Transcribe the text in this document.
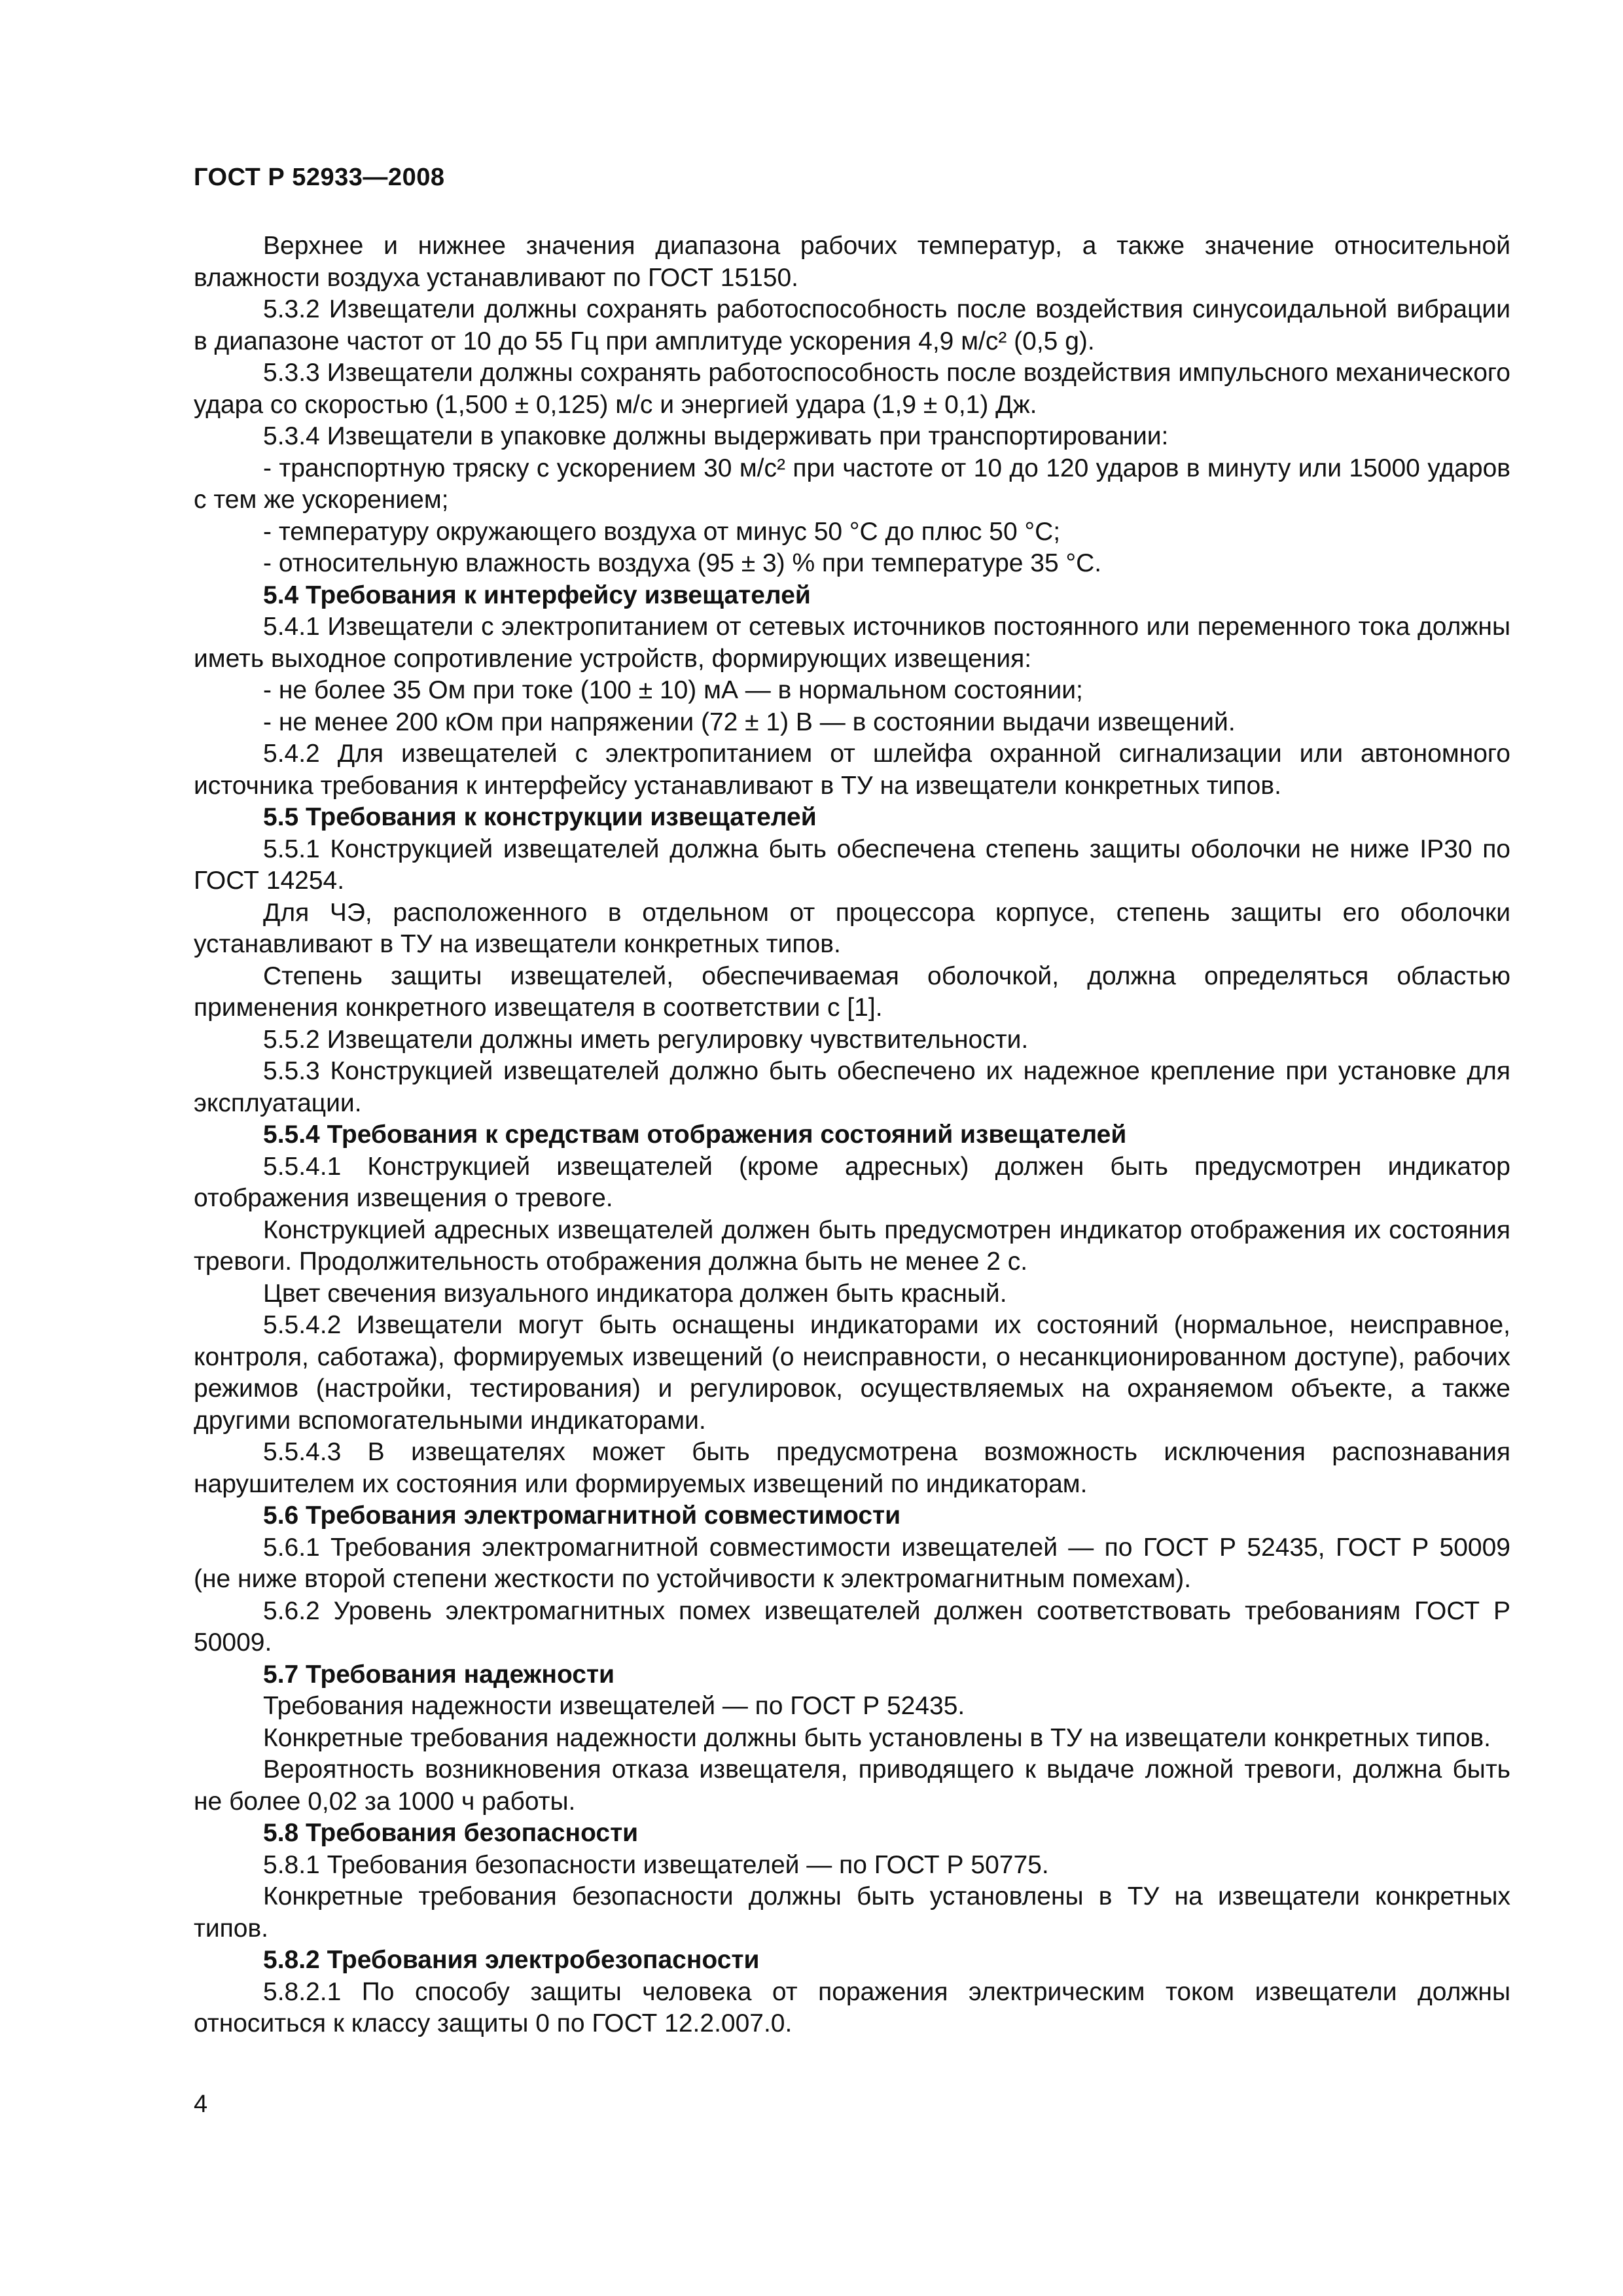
ГОСТ Р 52933—2008

Верхнее и нижнее значения диапазона рабочих температур, а также значение относительной влажности воздуха устанавливают по ГОСТ 15150.

5.3.2 Извещатели должны сохранять работоспособность после воздействия синусоидальной вибрации в диапазоне частот от 10 до 55 Гц при амплитуде ускорения 4,9 м/с² (0,5 g).

5.3.3 Извещатели должны сохранять работоспособность после воздействия импульсного механического удара со скоростью (1,500 ± 0,125) м/с и энергией удара (1,9 ± 0,1) Дж.

5.3.4 Извещатели в упаковке должны выдерживать при транспортировании:

- транспортную тряску с ускорением 30 м/с² при частоте от 10 до 120 ударов в минуту или 15000 ударов с тем же ускорением;

- температуру окружающего воздуха от минус 50 °С до плюс 50 °С;

- относительную влажность воздуха (95 ± 3) % при температуре 35 °С.

5.4 Требования к интерфейсу извещателей

5.4.1 Извещатели с электропитанием от сетевых источников постоянного или переменного тока должны иметь выходное сопротивление устройств, формирующих извещения:

- не более 35 Ом при токе (100 ± 10) мА — в нормальном состоянии;

- не менее 200 кОм при напряжении (72 ± 1) В — в состоянии выдачи извещений.

5.4.2 Для извещателей с электропитанием от шлейфа охранной сигнализации или автономного источника требования к интерфейсу устанавливают в ТУ на извещатели конкретных типов.

5.5 Требования к конструкции извещателей

5.5.1 Конструкцией извещателей должна быть обеспечена степень защиты оболочки не ниже IP30 по ГОСТ 14254.

Для ЧЭ, расположенного в отдельном от процессора корпусе, степень защиты его оболочки устанавливают в ТУ на извещатели конкретных типов.

Степень защиты извещателей, обеспечиваемая оболочкой, должна определяться областью применения конкретного извещателя в соответствии с [1].

5.5.2 Извещатели должны иметь регулировку чувствительности.

5.5.3 Конструкцией извещателей должно быть обеспечено их надежное крепление при установке для эксплуатации.

5.5.4 Требования к средствам отображения состояний извещателей

5.5.4.1 Конструкцией извещателей (кроме адресных) должен быть предусмотрен индикатор отображения извещения о тревоге.

Конструкцией адресных извещателей должен быть предусмотрен индикатор отображения их состояния тревоги. Продолжительность отображения должна быть не менее 2 с.

Цвет свечения визуального индикатора должен быть красный.

5.5.4.2 Извещатели могут быть оснащены индикаторами их состояний (нормальное, неисправное, контроля, саботажа), формируемых извещений (о неисправности, о несанкционированном доступе), рабочих режимов (настройки, тестирования) и регулировок, осуществляемых на охраняемом объекте, а также другими вспомогательными индикаторами.

5.5.4.3 В извещателях может быть предусмотрена возможность исключения распознавания нарушителем их состояния или формируемых извещений по индикаторам.

5.6 Требования электромагнитной совместимости

5.6.1 Требования электромагнитной совместимости извещателей — по ГОСТ Р 52435, ГОСТ Р 50009 (не ниже второй степени жесткости по устойчивости к электромагнитным помехам).

5.6.2 Уровень электромагнитных помех извещателей должен соответствовать требованиям ГОСТ Р 50009.

5.7 Требования надежности

Требования надежности извещателей — по ГОСТ Р 52435.

Конкретные требования надежности должны быть установлены в ТУ на извещатели конкретных типов.

Вероятность возникновения отказа извещателя, приводящего к выдаче ложной тревоги, должна быть не более 0,02 за 1000 ч работы.

5.8 Требования безопасности

5.8.1 Требования безопасности извещателей — по ГОСТ Р 50775.

Конкретные требования безопасности должны быть установлены в ТУ на извещатели конкретных типов.

5.8.2 Требования электробезопасности

5.8.2.1 По способу защиты человека от поражения электрическим током извещатели должны относиться к классу защиты 0 по ГОСТ 12.2.007.0.

4
